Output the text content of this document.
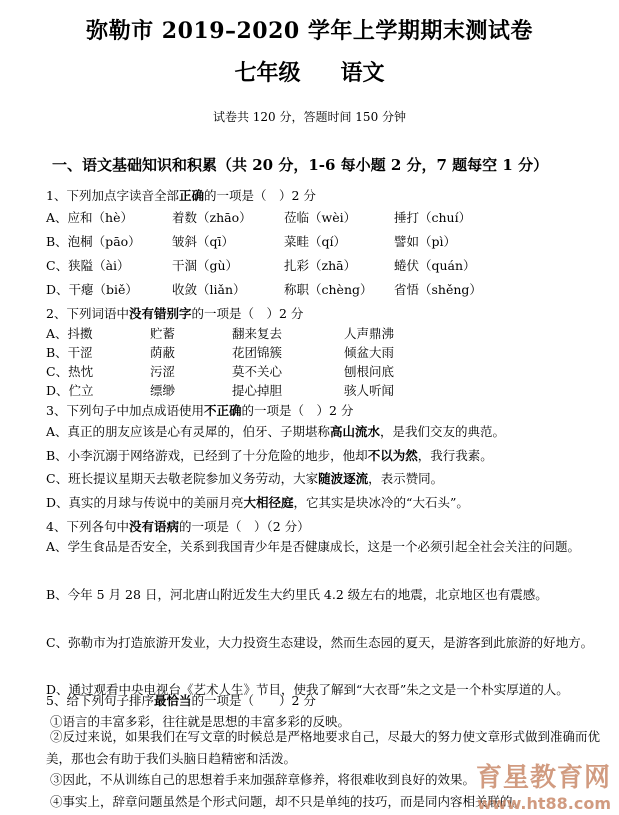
弥勒市 2019–2020 学年上学期期末测试卷
七年级 语文
试卷共 120 分，答题时间 150 分钟
一、语文基础知识和积累（共 20 分，1-6 每小题 2 分，7 题每空 1 分）
1、下列加点字读音全部正确的一项是（　）2 分
A、应和（hè）	着数（zhāo）	莅临（wèi）	捶打（chuí）
B、泡桐（pāo）	皱斜（qī）	菜畦（qí）	譬如（pì）
C、狭隘（ài）	干涸（gù）	扎彩（zhā）	蜷伏（quán）
D、干瘪（biě）	收敛（liǎn）	称职（chèng） 省悟（shěng）
2、下列词语中没有错别字的一项是（　）2 分
A、抖擞	贮蓄	翻来复去	人声鼎沸
B、干涩	荫蔽	花团锦簇	倾盆大雨
C、热忱	污涩	莫不关心	刨根问底
D、伫立	缥缈	提心掉胆	骇人听闻
3、下列句子中加点成语使用不正确的一项是（　）2 分
A、真正的朋友应该是心有灵犀的，伯牙、子期堪称高山流水，是我们交友的典范。
B、小李沉溺于网络游戏，已经到了十分危险的地步，他却不以为然，我行我素。
C、班长提议星期天去敬老院参加义务劳动，大家随波逐流，表示赞同。
D、真实的月球与传说中的美丽月亮大相径庭，它其实是块冰冷的“大石头”。
4、下列各句中没有语病的一项是（　）（2 分）
A、学生食品是否安全，关系到我国青少年是否健康成长，这是一个必须引起全社会关注的问题。
B、今年 5 月 28 日，河北唐山附近发生大约里氏 4.2 级左右的地震，北京地区也有震感。
C、弥勒市为打造旅游开发业，大力投资生态建设，然而生态园的夏天，是游客到此旅游的好地方。
D、通过观看中央电视台《艺术人生》节目，使我了解到“大衣哥”朱之文是一个朴实厚道的人。
5、给下列句子排序最恰当的一项是（　　）2 分
①语言的丰富多彩，往往就是思想的丰富多彩的反映。
②反过来说，如果我们在写文章的时候总是严格地要求自己，尽最大的努力使文章形式做到准确而优美，那也会有助于我们头脑日趋精密和活泼。
③因此，不从训练自己的思想着手来加强辞章修养，将很难收到良好的效果。
④事实上，辞章问题虽然是个形式问题，却不只是单纯的技巧，而是同内容相关联的。
育星教育网
www.ht88.com
